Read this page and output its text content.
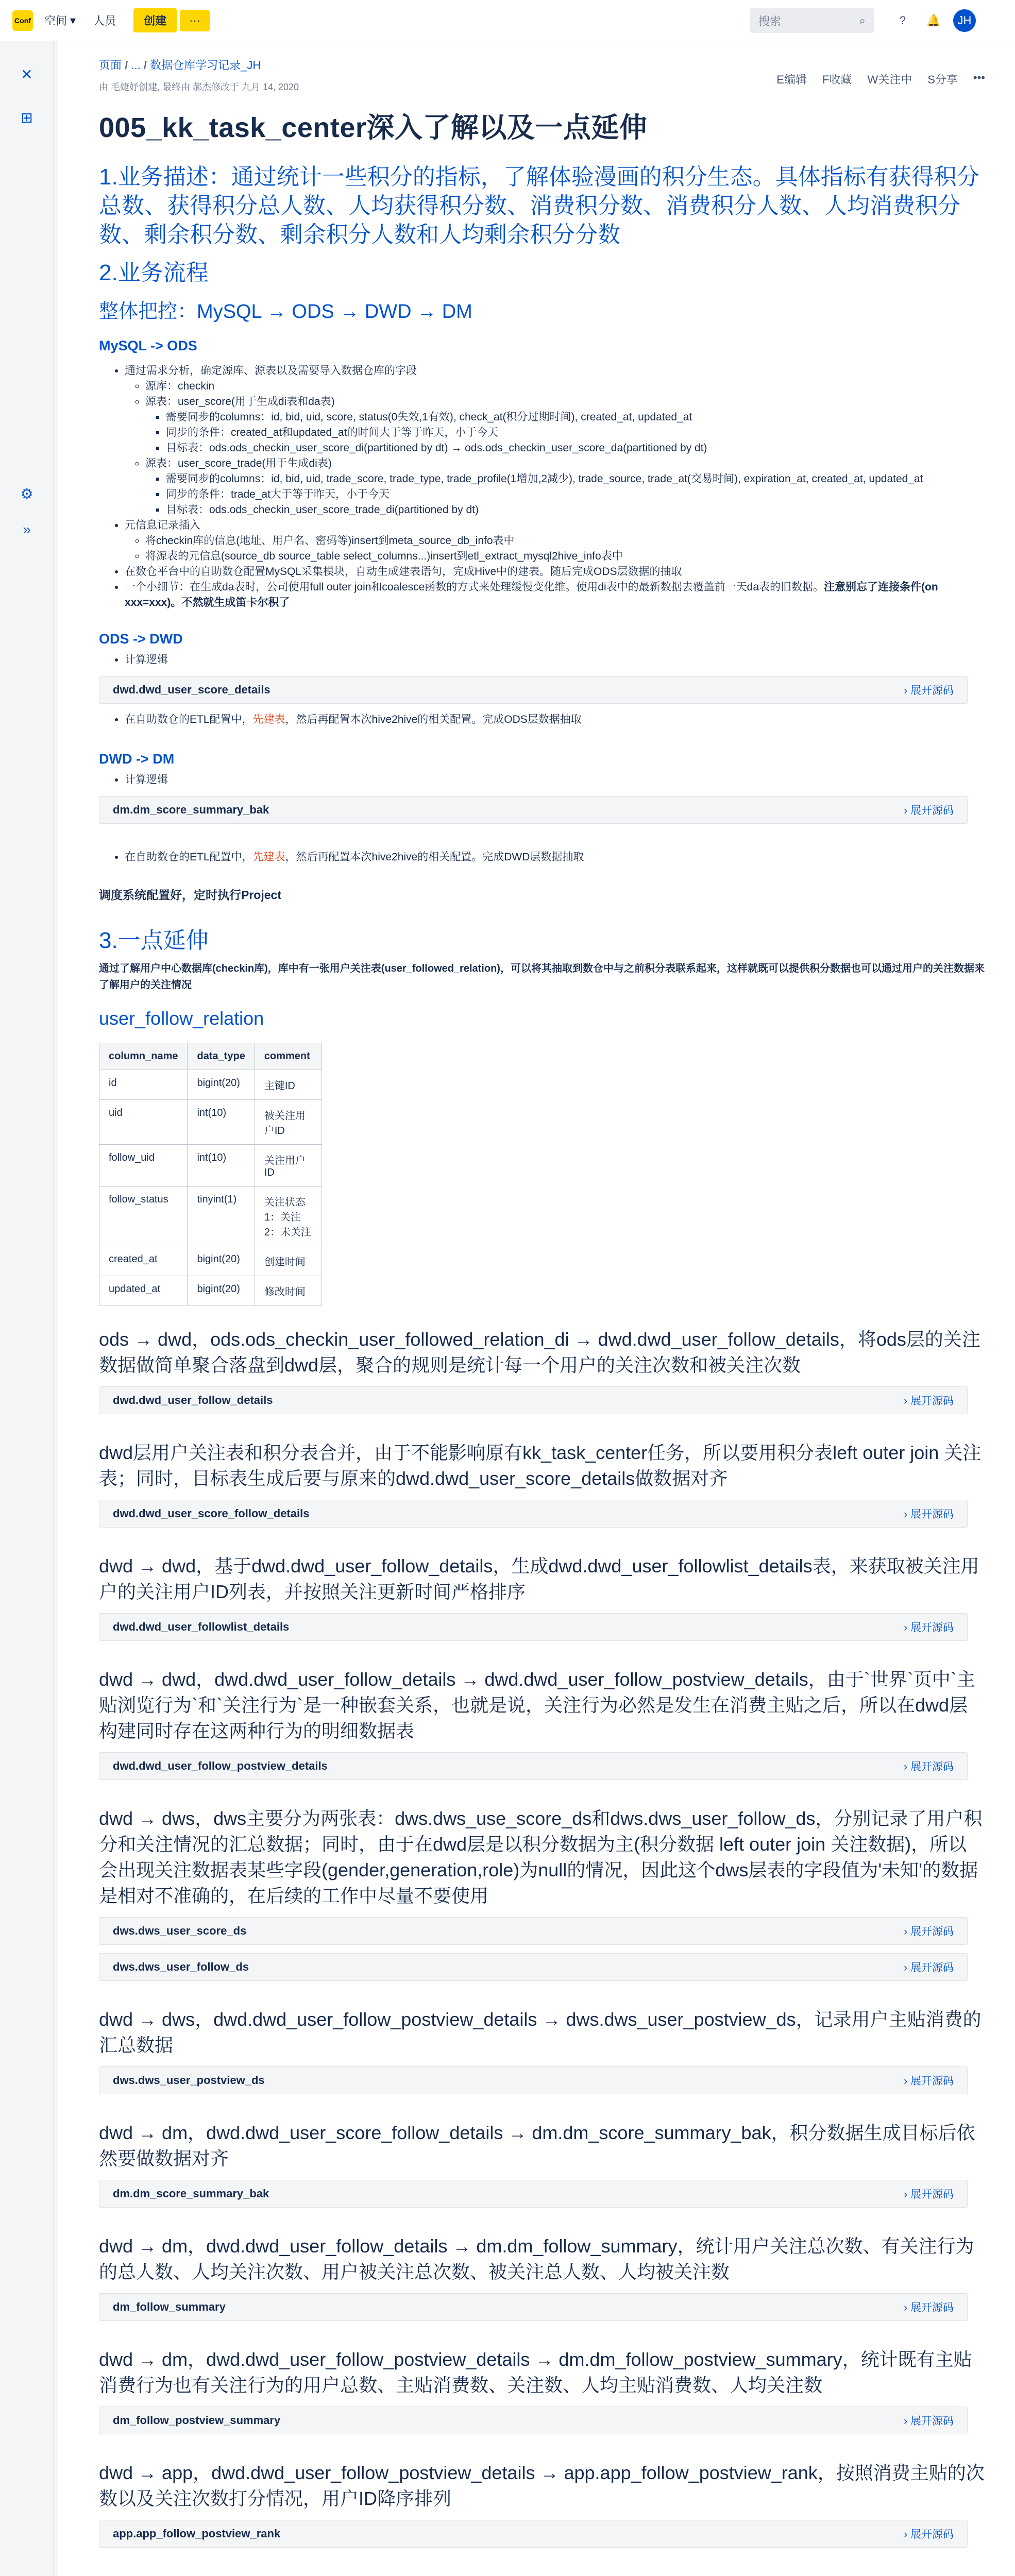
Conf 空间 ▾ 人员	创建	···	搜索	⌕	?	🔔	JH
✕
⊞
⚙
»
页面 / ... / 数据仓库学习记录_JH
E编辑 F收藏 W关注中 S分享 •••
由 毛婕妤创建, 最终由 郝杰修改于 九月 14, 2020
005_kk_task_center深入了解以及一点延伸
1.业务描述：通过统计一些积分的指标，了解体验漫画的积分生态。具体指标有获得积分总数、获得积分总人数、人均获得积分数、消费积分数、消费积分人数、人均消费积分数、剩余积分数、剩余积分人数和人均剩余积分分数
2.业务流程
整体把控：MySQL → ODS → DWD → DM
MySQL -> ODS
• 通过需求分析，确定源库、源表以及需要导入数据仓库的字段
◦ 源库：checkin
◦ 源表：user_score(用于生成di表和da表)
▪ 需要同步的columns：id, bid, uid, score, status(0失效,1有效), check_at(积分过期时间), created_at, updated_at
▪ 同步的条件：created_at和updated_at的时间大于等于昨天，小于今天
▪ 目标表：ods.ods_checkin_user_score_di(partitioned by dt) → ods.ods_checkin_user_score_da(partitioned by dt)
◦ 源表：user_score_trade(用于生成di表)
▪ 需要同步的columns：id, bid, uid, trade_score, trade_type, trade_profile(1增加,2减少), trade_source, trade_at(交易时间), expiration_at, created_at, updated_at
▪ 同步的条件：trade_at大于等于昨天，小于今天
▪ 目标表：ods.ods_checkin_user_score_trade_di(partitioned by dt)
• 元信息记录插入
◦ 将checkin库的信息(地址、用户名、密码等)insert到meta_source_db_info表中
◦ 将源表的元信息(source_db source_table select_columns...)insert到etl_extract_mysql2hive_info表中
• 在数仓平台中的自助数仓配置MySQL采集模块，自动生成建表语句，完成Hive中的建表。随后完成ODS层数据的抽取
• 一个小细节：在生成da表时，公司使用full outer join和coalesce函数的方式来处理缓慢变化维。使用di表中的最新数据去覆盖前一天da表的旧数据。注意别忘了连接条件(on xxx=xxx)。不然就生成笛卡尔积了
ODS -> DWD
• 计算逻辑
dwd.dwd_user_score_details	› 展开源码
• 在自助数仓的ETL配置中，先建表，然后再配置本次hive2hive的相关配置。完成ODS层数据抽取
DWD -> DM
• 计算逻辑
dm.dm_score_summary_bak	› 展开源码
• 在自助数仓的ETL配置中，先建表，然后再配置本次hive2hive的相关配置。完成DWD层数据抽取
调度系统配置好，定时执行Project
3.一点延伸
通过了解用户中心数据库(checkin库)，库中有一张用户关注表(user_followed_relation)，可以将其抽取到数仓中与之前积分表联系起来，这样就既可以提供积分数据也可以通过用户的关注数据来了解用户的关注情况
user_follow_relation
column_name	data_type	comment
id	bigint(20)	主键ID
uid	int(10)	被关注用户ID
follow_uid	int(10)	关注用户ID
follow_status	tinyint(1)	关注状态 1：关注 2：未关注
created_at	bigint(20)	创建时间
updated_at	bigint(20)	修改时间
ods → dwd，ods.ods_checkin_user_followed_relation_di → dwd.dwd_user_follow_details，将ods层的关注数据做简单聚合落盘到dwd层，聚合的规则是统计每一个用户的关注次数和被关注次数
dwd.dwd_user_follow_details	› 展开源码
dwd层用户关注表和积分表合并，由于不能影响原有kk_task_center任务，所以要用积分表left outer join 关注表；同时，目标表生成后要与原来的dwd.dwd_user_score_details做数据对齐
dwd.dwd_user_score_follow_details	› 展开源码
dwd → dwd，基于dwd.dwd_user_follow_details，生成dwd.dwd_user_followlist_details表，来获取被关注用户的关注用户ID列表，并按照关注更新时间严格排序
dwd.dwd_user_followlist_details	› 展开源码
dwd → dwd，dwd.dwd_user_follow_details → dwd.dwd_user_follow_postview_details，由于`世界`页中`主贴浏览行为`和`关注行为`是一种嵌套关系，也就是说，关注行为必然是发生在消费主贴之后，所以在dwd层构建同时存在这两种行为的明细数据表
dwd.dwd_user_follow_postview_details	› 展开源码
dwd → dws，dws主要分为两张表：dws.dws_use_score_ds和dws.dws_user_follow_ds，分别记录了用户积分和关注情况的汇总数据；同时，由于在dwd层是以积分数据为主(积分数据 left outer join 关注数据)，所以会出现关注数据表某些字段(gender,generation,role)为null的情况，因此这个dws层表的字段值为'未知'的数据是相对不准确的，在后续的工作中尽量不要使用
dws.dws_user_score_ds	› 展开源码
dws.dws_user_follow_ds	› 展开源码
dwd → dws，dwd.dwd_user_follow_postview_details → dws.dws_user_postview_ds，记录用户主贴消费的汇总数据
dws.dws_user_postview_ds	› 展开源码
dwd → dm，dwd.dwd_user_score_follow_details → dm.dm_score_summary_bak，积分数据生成目标后依然要做数据对齐
dm.dm_score_summary_bak	› 展开源码
dwd → dm，dwd.dwd_user_follow_details → dm.dm_follow_summary，统计用户关注总次数、有关注行为的总人数、人均关注次数、用户被关注总次数、被关注总人数、人均被关注数
dm_follow_summary	› 展开源码
dwd → dm，dwd.dwd_user_follow_postview_details → dm.dm_follow_postview_summary，统计既有主贴消费行为也有关注行为的用户总数、主贴消费数、关注数、人均主贴消费数、人均关注数
dm_follow_postview_summary	› 展开源码
dwd → app，dwd.dwd_user_follow_postview_details → app.app_follow_postview_rank，按照消费主贴的次数以及关注次数打分情况，用户ID降序排列
app.app_follow_postview_rank	› 展开源码
